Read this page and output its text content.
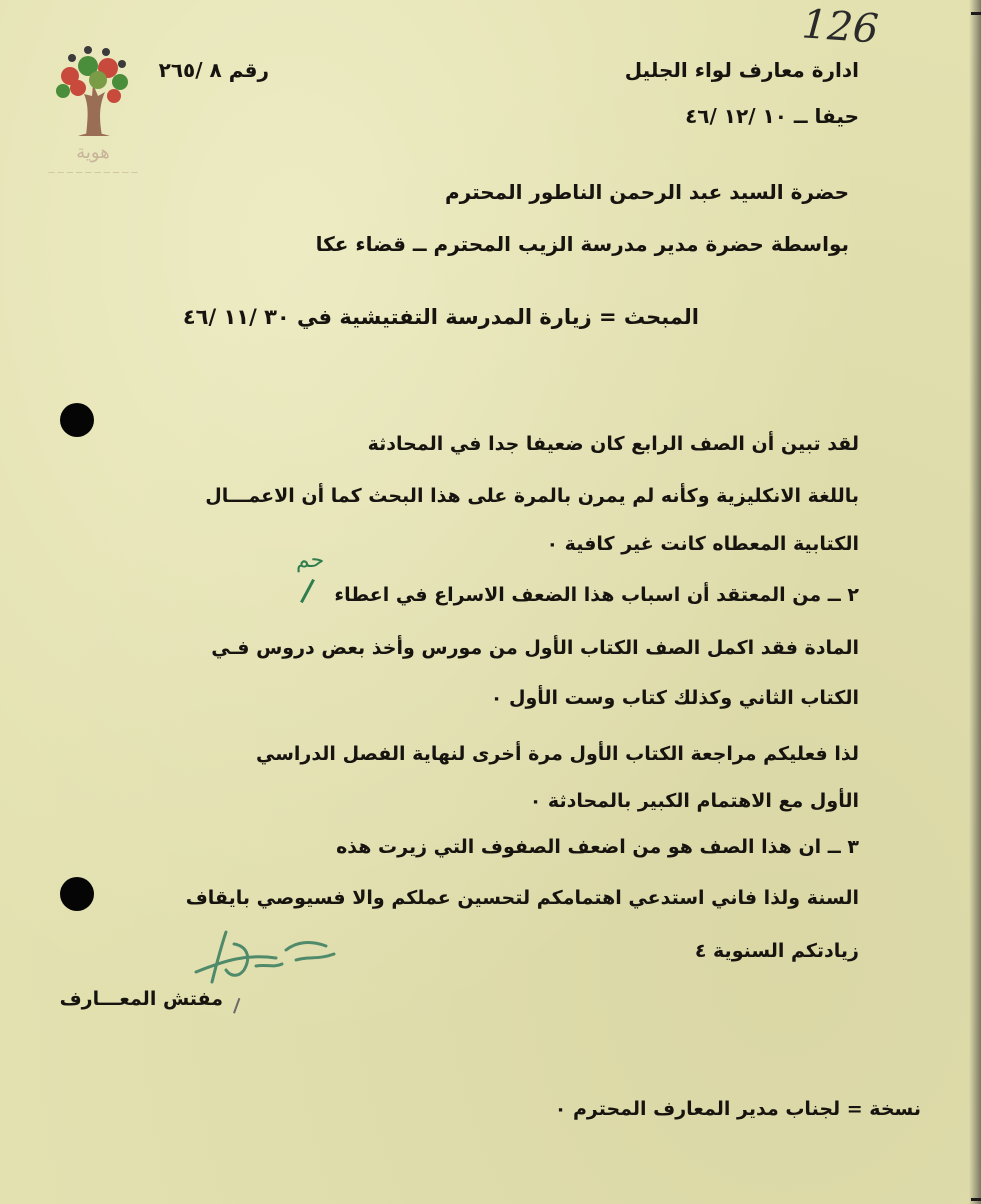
هوية
— — — — — — — — — —
126
ادارة معارف لواء الجليل
رقم ٨ /٢٦٥
حيفا ــ ١٠ /١٢ /٤٦
حضرة السيد عبد الرحمن الناطور المحترم
بواسطة حضرة مدير مدرسة الزيب المحترم ــ قضاء عكا
المبحث = زيارة المدرسة التفتيشية في ٣٠ /١١ /٤٦
لقد تبين أن الصف الرابع كان ضعيفا جدا في المحادثة
باللغة الانكليزية وكأنه لم يمرن بالمرة على هذا البحث كما أن الاعمـــال
الكتابية المعطاه كانت غير كافية ٠
٢ ــ من المعتقد أن اسباب هذا الضعف الاسراع في اعطاء
المادة فقد اكمل الصف الكتاب الأول من مورس وأخذ بعض دروس فـي
الكتاب الثاني وكذلك كتاب وست الأول ٠
حم
لذا فعليكم مراجعة الكتاب الأول مرة أخرى لنهاية الفصل الدراسي
الأول مع الاهتمام الكبير بالمحادثة ٠
٣ ــ ان هذا الصف هو من اضعف الصفوف التي زيرت هذه
السنة ولذا فاني استدعي اهتمامكم لتحسين عملكم والا فسيوصي بايقاف
زيادتكم السنوية ٤
مفتش المعـــارف
نسخة = لجناب مدير المعارف المحترم ٠
